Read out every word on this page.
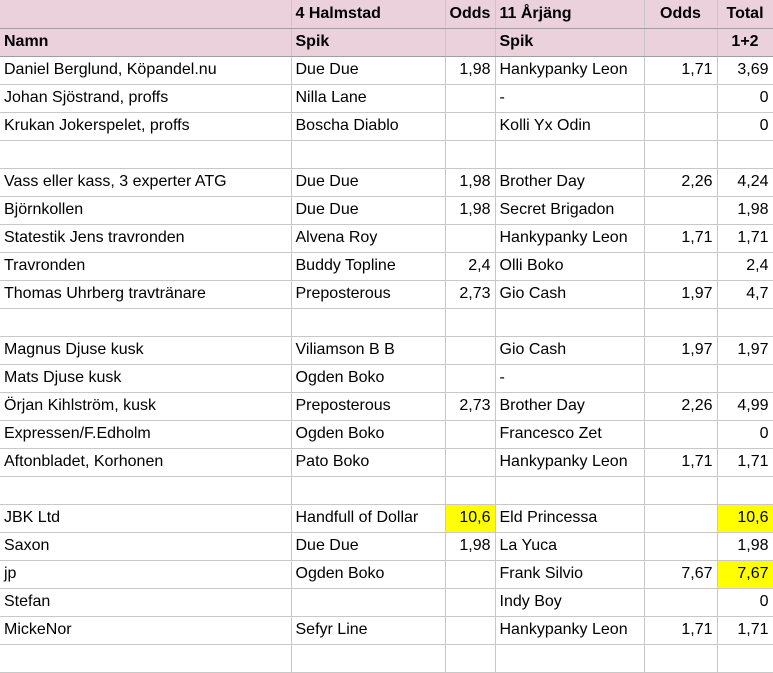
	4 Halmstad	Odds	11 Årjäng	Odds	Total
Namn	Spik		Spik		1+2
Daniel Berglund, Köpandel.nu	Due Due	1,98	Hankypanky Leon	1,71	3,69
Johan Sjöstrand, proffs	Nilla Lane		-		0
Krukan Jokerspelet, proffs	Boscha Diablo		Kolli Yx Odin		0

Vass eller kass, 3 experter ATG	Due Due	1,98	Brother Day	2,26	4,24
Björnkollen	Due Due	1,98	Secret Brigadon		1,98
Statestik Jens travronden	Alvena Roy		Hankypanky Leon	1,71	1,71
Travronden	Buddy Topline	2,4	Olli Boko		2,4
Thomas Uhrberg travtränare	Preposterous	2,73	Gio Cash	1,97	4,7

Magnus Djuse kusk	Viliamson B B		Gio Cash	1,97	1,97
Mats Djuse kusk	Ogden Boko		-		
Örjan Kihlström, kusk	Preposterous	2,73	Brother Day	2,26	4,99
Expressen/F.Edholm	Ogden Boko		Francesco Zet		0
Aftonbladet, Korhonen	Pato Boko		Hankypanky Leon	1,71	1,71

JBK Ltd	Handfull of Dollar	10,6	Eld Princessa		10,6
Saxon	Due Due	1,98	La Yuca		1,98
jp	Ogden Boko		Frank Silvio	7,67	7,67
Stefan			Indy Boy		0
MickeNor	Sefyr Line		Hankypanky Leon	1,71	1,71
